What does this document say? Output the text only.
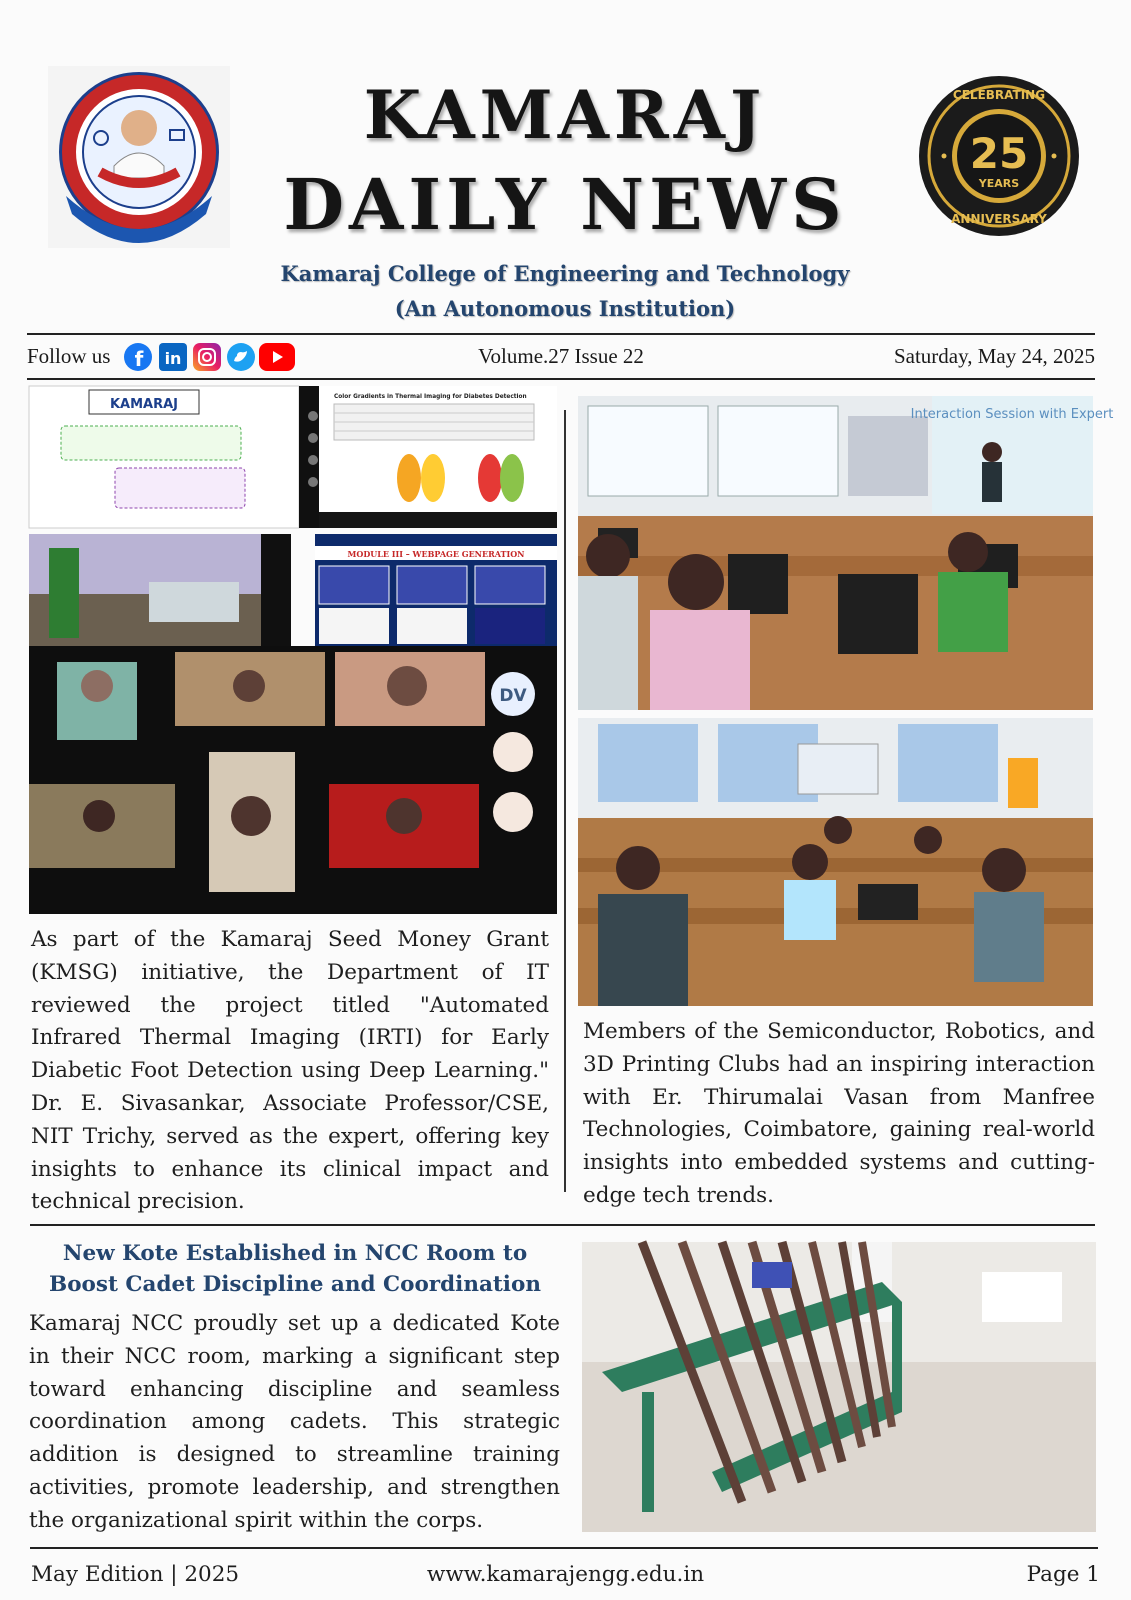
KAMARAJ
DAILY NEWS
Kamaraj College of Engineering and Technology
(An Autonomous Institution)
25
YEARS
CELEBRATING
ANNIVERSARY
Follow us f in	Volume.27 Issue 22	Saturday, May 24, 2025
KAMARAJ	Color Gradients in Thermal Imaging for Diabetes Detection
MODULE III – WEBPAGE GENERATION
DV
As part of the Kamaraj Seed Money Grant (KMSG) initiative, the Department of IT reviewed the project titled "Automated Infrared Thermal Imaging (IRTI) for Early Diabetic Foot Detection using Deep Learning." Dr. E. Sivasankar, Associate Professor/CSE, NIT Trichy, served as the expert, offering key insights to enhance its clinical impact and technical precision.
Interaction Session with Expert
Members of the Semiconductor, Robotics, and 3D Printing Clubs had an inspiring interaction with Er. Thirumalai Vasan from Manfree Technologies, Coimbatore, gaining real-world insights into embedded systems and cutting-edge tech trends.
New Kote Established in NCC Room to Boost Cadet Discipline and Coordination
Kamaraj NCC proudly set up a dedicated Kote in their NCC room, marking a significant step toward enhancing discipline and seamless coordination among cadets. This strategic addition is designed to streamline training activities, promote leadership, and strengthen the organizational spirit within the corps.
May Edition | 2025	www.kamarajengg.edu.in	Page 1
